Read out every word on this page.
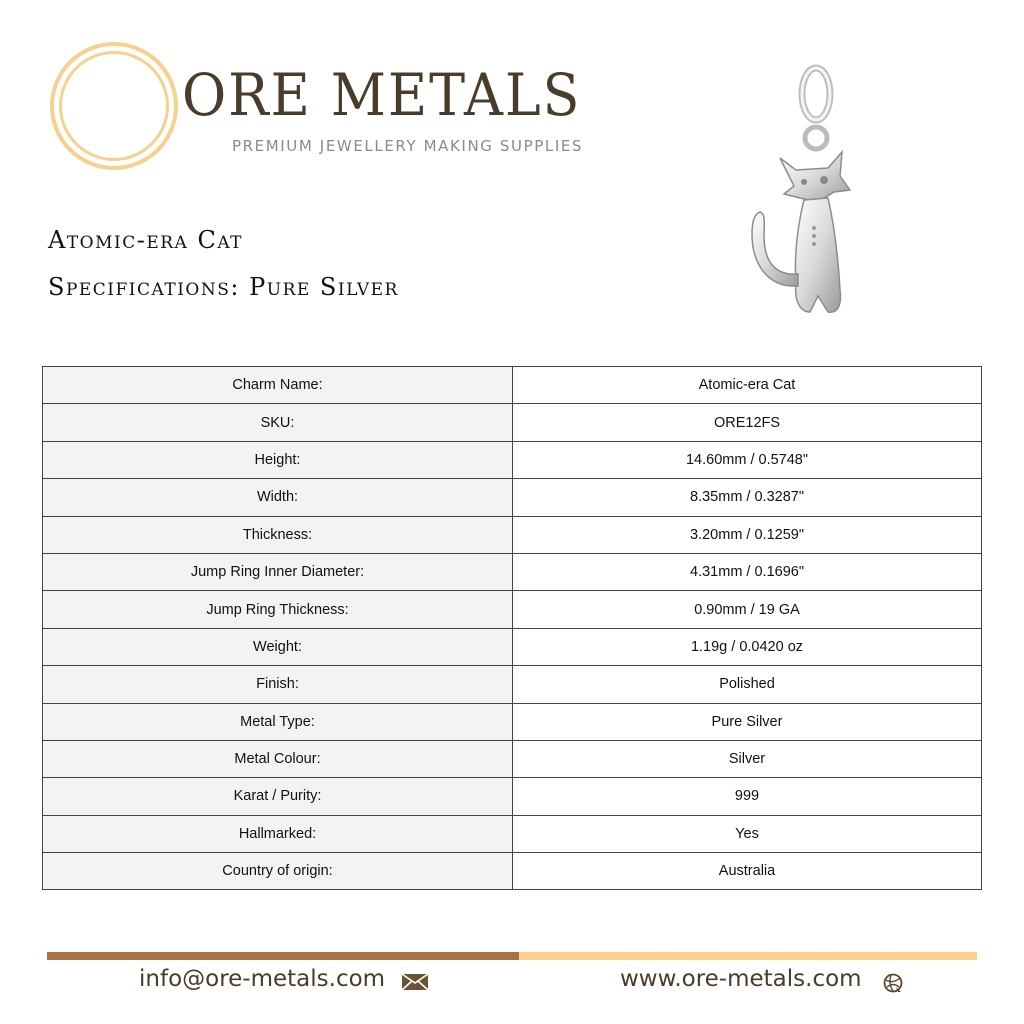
ORE METALS
PREMIUM JEWELLERY MAKING SUPPLIES
Atomic-era Cat
Specifications: Pure Silver
Charm Name:	Atomic-era Cat
SKU:	ORE12FS
Height:	14.60mm / 0.5748"
Width:	8.35mm / 0.3287"
Thickness:	3.20mm / 0.1259"
Jump Ring Inner Diameter:	4.31mm / 0.1696"
Jump Ring Thickness:	0.90mm / 19 GA
Weight:	1.19g / 0.0420 oz
Finish:	Polished
Metal Type:	Pure Silver
Metal Colour:	Silver
Karat / Purity:	999
Hallmarked:	Yes
Country of origin:	Australia
info@ore-metals.com	www.ore-metals.com
